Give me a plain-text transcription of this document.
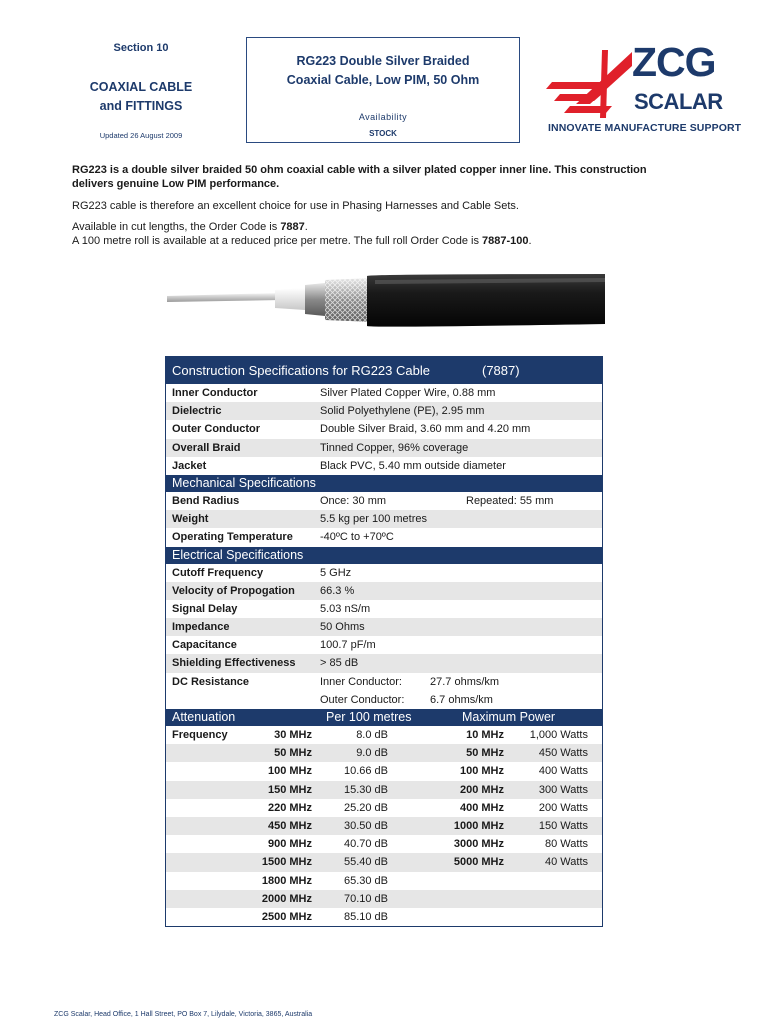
Section 10
COAXIAL CABLE
and FITTINGS
Updated 26 August 2009
RG223 Double Silver Braided
Coaxial Cable, Low PIM, 50 Ohm
Availability
STOCK
ZCG
SCALAR
INNOVATE MANUFACTURE SUPPORT
RG223 is a double silver braided 50 ohm coaxial cable with a silver plated copper inner line. This construction
delivers genuine Low PIM performance.
RG223 cable is therefore an excellent choice for use in Phasing Harnesses and Cable Sets.
Available in cut lengths, the Order Code is 7887.
A 100 metre roll is available at a reduced price per metre. The full roll Order Code is 7887-100.
Construction Specifications for RG223 Cable	(7887)
Inner Conductor	Silver Plated Copper Wire, 0.88 mm
Dielectric	Solid Polyethylene (PE), 2.95 mm
Outer Conductor	Double Silver Braid, 3.60 mm and 4.20 mm
Overall Braid	Tinned Copper, 96% coverage
Jacket	Black PVC, 5.40 mm outside diameter
Mechanical Specifications
Bend Radius	Once: 30 mm	Repeated: 55 mm
Weight	5.5 kg per 100 metres
Operating Temperature -40ºC to +70ºC
Electrical Specifications
Cutoff Frequency	5 GHz
Velocity of Propogation 66.3 %
Signal Delay	5.03 nS/m
Impedance	50 Ohms
Capacitance	100.7 pF/m
Shielding Effectiveness > 85 dB
DC Resistance	Inner Conductor:	27.7 ohms/km
Outer Conductor: 6.7 ohms/km
Attenuation	Per 100 metres	Maximum Power
Frequency	30 MHz	8.0 dB	10 MHz 1,000 Watts
50 MHz	9.0 dB	50 MHz	450 Watts
100 MHz	10.66 dB	100 MHz	400 Watts
150 MHz	15.30 dB	200 MHz	300 Watts
220 MHz	25.20 dB	400 MHz	200 Watts
450 MHz	30.50 dB	1000 MHz	150 Watts
900 MHz	40.70 dB	3000 MHz	80 Watts
1500 MHz	55.40 dB	5000 MHz	40 Watts
1800 MHz	65.30 dB
2000 MHz	70.10 dB
2500 MHz	85.10 dB
ZCG Scalar, Head Office, 1 Hall Street, PO Box 7, Lilydale, Victoria, 3865, Australia
